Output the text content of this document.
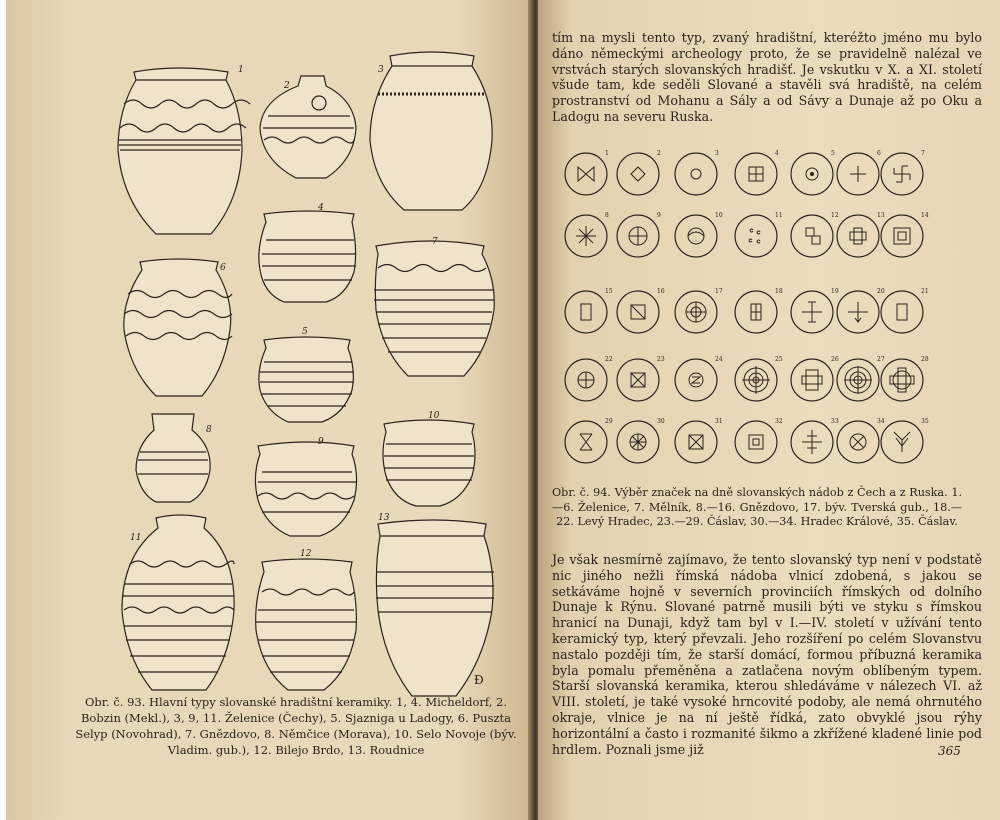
Ð
1
2
3
4
5
6
7
8
9
10
11
12
13
Obr. č. 93. Hlavní typy slovanské hradištní keramiky. 1, 4. Micheldorf, 2. Bobzin (Mekl.), 3, 9, 11. Želenice (Čechy), 5. Sjazniga u Ladogy, 6. Puszta Selyp (Novohrad), 7. Gnězdovo, 8. Němčice (Morava), 10. Selo Novoje (býv. Vladim. gub.), 12. Bilejo Brdo, 13. Roudnice
tím na mysli tento typ, zvaný hradištní, kteréžto jméno mu bylo dáno německými archeology proto, že se pravidelně nalézal ve vrstvách starých slovanských hradišť. Je vskutku v X. a XI. století všude tam, kde seděli Slované a stavěli svá hradiště, na celém prostranství od Mohanu a Sály a od Sávy a Dunaje až po Oku a Ladogu na severu Ruska.
1	2	3	4	5	6	7
8	9	10	11	12	13	14
15	16	17	18	19	20	21
22	23	24	25	26	27	28
29	30	31	32	33	34	35
Obr. č. 94. Výběr značek na dně slovanských nádob z Čech a z Ruska. 1.—6. Želenice, 7. Mělník, 8.—16. Gnězdovo, 17. býv. Tverská gub., 18.—22. Levý Hradec, 23.—29. Čáslav, 30.—34. Hradec Králové, 35. Čáslav.
Je však nesmírně zajímavo, že tento slovanský typ není v podstatě nic jiného nežli římská nádoba vlnicí zdobená, s jakou se setkáváme hojně v severních provinciích římských od dolního Dunaje k Rýnu. Slované patrně musili býti ve styku s římskou hranicí na Dunaji, když tam byl v I.—IV. století v užívání tento keramický typ, který převzali. Jeho rozšíření po celém Slovanstvu nastalo později tím, že starší domácí, formou příbuzná keramika byla pomalu přeměněna a zatlačena novým oblíbeným typem. Starší slovanská keramika, kterou shledáváme v nálezech VI. až VIII. století, je také vysoké hrncovité podoby, ale nemá ohrnutého okraje, vlnice je na ní ještě řídká, zato obvyklé jsou rýhy horizontální a často i rozmanité šikmo a zkřížené kladené linie pod hrdlem. Poznali jsme již	365
